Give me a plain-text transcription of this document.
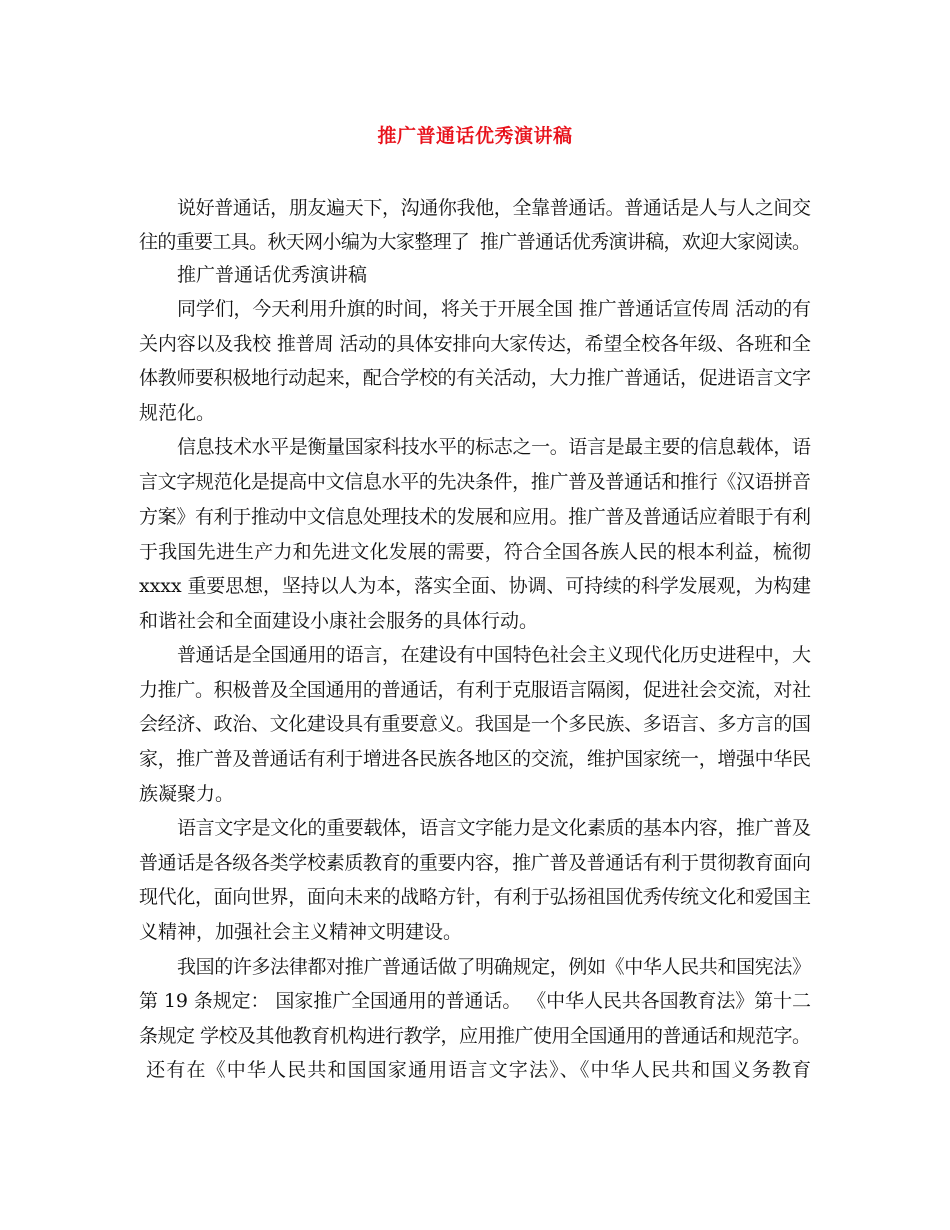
推广普通话优秀演讲稿
说好普通话，朋友遍天下，沟通你我他，全靠普通话。普通话是人与人之间交
往的重要工具。秋天网小编为大家整理了  推广普通话优秀演讲稿，欢迎大家阅读。
推广普通话优秀演讲稿
同学们，今天利用升旗的时间，将关于开展全国 推广普通话宣传周 活动的有
关内容以及我校 推普周 活动的具体安排向大家传达，希望全校各年级、各班和全
体教师要积极地行动起来，配合学校的有关活动，大力推广普通话，促进语言文字
规范化。
信息技术水平是衡量国家科技水平的标志之一。语言是最主要的信息载体，语
言文字规范化是提高中文信息水平的先决条件，推广普及普通话和推行《汉语拼音
方案》有利于推动中文信息处理技术的发展和应用。推广普及普通话应着眼于有利
于我国先进生产力和先进文化发展的需要，符合全国各族人民的根本利益，梳彻
xxxx 重要思想，坚持以人为本，落实全面、协调、可持续的科学发展观，为构建
和谐社会和全面建设小康社会服务的具体行动。
普通话是全国通用的语言，在建设有中国特色社会主义现代化历史进程中，大
力推广。积极普及全国通用的普通话，有利于克服语言隔阂，促进社会交流，对社
会经济、政治、文化建设具有重要意义。我国是一个多民族、多语言、多方言的国
家，推广普及普通话有利于增进各民族各地区的交流，维护国家统一，增强中华民
族凝聚力。
语言文字是文化的重要载体，语言文字能力是文化素质的基本内容，推广普及
普通话是各级各类学校素质教育的重要内容，推广普及普通话有利于贯彻教育面向
现代化，面向世界，面向未来的战略方针，有利于弘扬祖国优秀传统文化和爱国主
义精神，加强社会主义精神文明建设。
我国的许多法律都对推广普通话做了明确规定，例如《中华人民共和国宪法》
第 19 条规定： 国家推广全国通用的普通话。 《中华人民共各国教育法》第十二
条规定 学校及其他教育机构进行教学，应用推广使用全国通用的普通话和规范字。
还有在《中华人民共和国国家通用语言文字法》、《中华人民共和国义务教育
